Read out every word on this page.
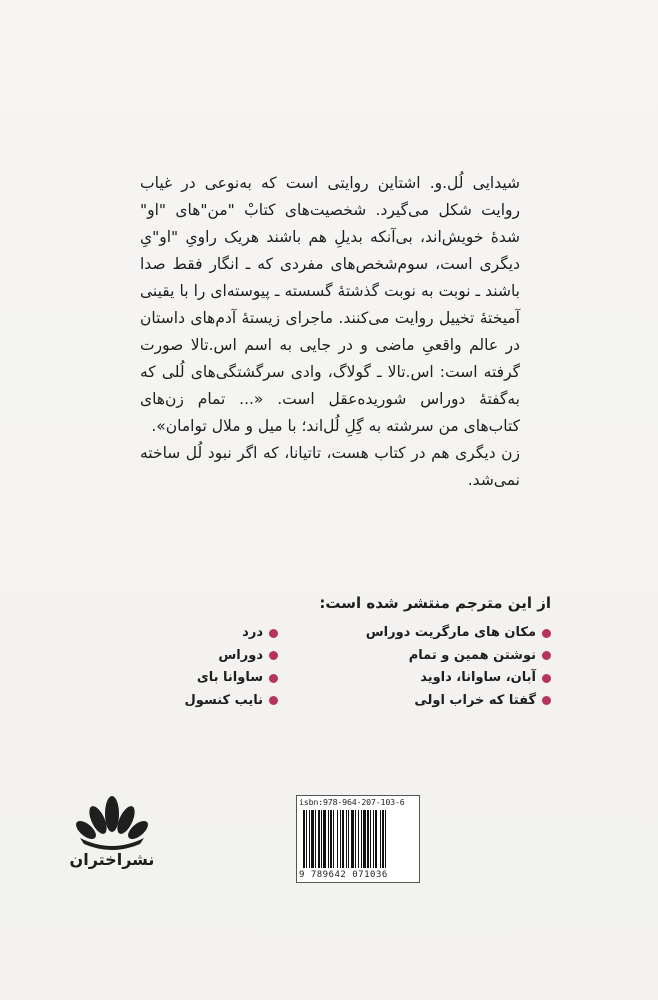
شیدایی لُل.و. اشتاین روایتی است که به‌نوعی در غیاب روایت شکل می‌گیرد. شخصیت‌های کتابْ "من"های "او" شدهٔ خویش‌اند، بی‌آنکه بدیلِ هم باشند هریک راویِ "او"یِ دیگری است، سوم‌شخص‌های مفردی که ـ انگار فقط صدا باشند ـ نوبت به نوبت گذشتهٔ گسسته ـ پیوسته‌ای را با یقینی آمیختهٔ تخییل روایت می‌کنند. ماجرای زیستهٔ آدم‌های داستان در عالم واقعیِ ماضی و در جایی به اسم اس.تالا صورت گرفته است: اس.تالا ـ گولاگ، وادی سرگشتگی‌های لُلی که به‌گفتهٔ دوراس شوریده‌عقل است. «... تمام زن‌های کتاب‌های من سرشته به گِلِ لُل‌اند؛ با میل و ملال توامان».

زن دیگری هم در کتاب هست، تاتیانا، که اگر نبود لُل ساخته نمی‌شد.

از این مترجم منتشر شده است:
مکان های مارگریت دوراس
نوشتن همین و تمام
آبان، ساوانا، داوید
گفتا که خراب اولی
درد
دوراس
ساوانا بای
نایب کنسول
نشراختران
isbn:978-964-207-103-6
9 789642 071036
